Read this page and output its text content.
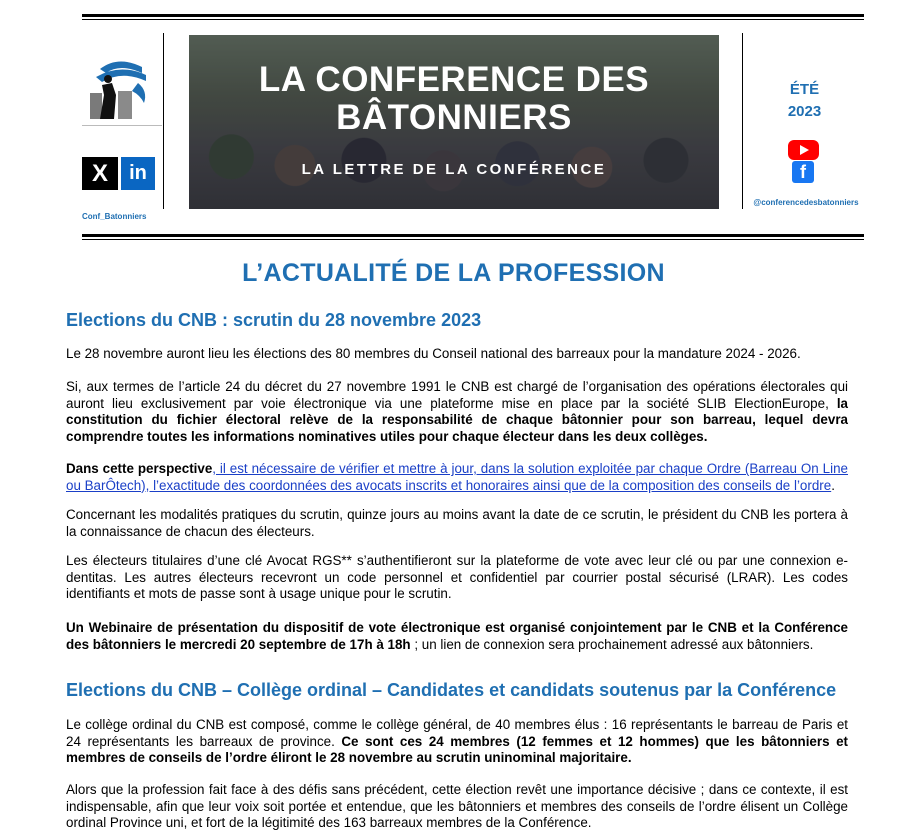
X in
Conf_Batonniers
LA CONFERENCE DES BÂTONNIERS
LA LETTRE DE LA CONFÉRENCE
ÉTÉ
2023
f
@conferencedesbatonniers
L’ACTUALITÉ DE LA PROFESSION
Elections du CNB : scrutin du 28 novembre 2023
Le 28 novembre auront lieu les élections des 80 membres du Conseil national des barreaux pour la mandature 2024 - 2026.
Si, aux termes de l’article 24 du décret du 27 novembre 1991 le CNB est chargé de l’organisation des opérations électorales qui auront lieu exclusivement par voie électronique via une plateforme mise en place par la société SLIB ElectionEurope, la constitution du fichier électoral relève de la responsabilité de chaque bâtonnier pour son barreau, lequel devra comprendre toutes les informations nominatives utiles pour chaque électeur dans les deux collèges.
Dans cette perspective, il est nécessaire de vérifier et mettre à jour, dans la solution exploitée par chaque Ordre (Barreau On Line ou BarÔtech), l’exactitude des coordonnées des avocats inscrits et honoraires ainsi que de la composition des conseils de l’ordre.
Concernant les modalités pratiques du scrutin, quinze jours au moins avant la date de ce scrutin, le président du CNB les portera à la connaissance de chacun des électeurs.
Les électeurs titulaires d’une clé Avocat RGS** s’authentifieront sur la plateforme de vote avec leur clé ou par une connexion e-dentitas. Les autres électeurs recevront un code personnel et confidentiel par courrier postal sécurisé (LRAR). Les codes identifiants et mots de passe sont à usage unique pour le scrutin.
Un Webinaire de présentation du dispositif de vote électronique est organisé conjointement par le CNB et la Conférence des bâtonniers le mercredi 20 septembre de 17h à 18h ; un lien de connexion sera prochainement adressé aux bâtonniers.
Elections du CNB – Collège ordinal – Candidates et candidats soutenus par la Conférence
Le collège ordinal du CNB est composé, comme le collège général, de 40 membres élus : 16 représentants le barreau de Paris et 24 représentants les barreaux de province. Ce sont ces 24 membres (12 femmes et 12 hommes) que les bâtonniers et membres de conseils de l’ordre éliront le 28 novembre au scrutin uninominal majoritaire.
Alors que la profession fait face à des défis sans précédent, cette élection revêt une importance décisive ; dans ce contexte, il est indispensable, afin que leur voix soit portée et entendue, que les bâtonniers et membres des conseils de l’ordre élisent un Collège ordinal Province uni, et fort de la légitimité des 163 barreaux membres de la Conférence.
